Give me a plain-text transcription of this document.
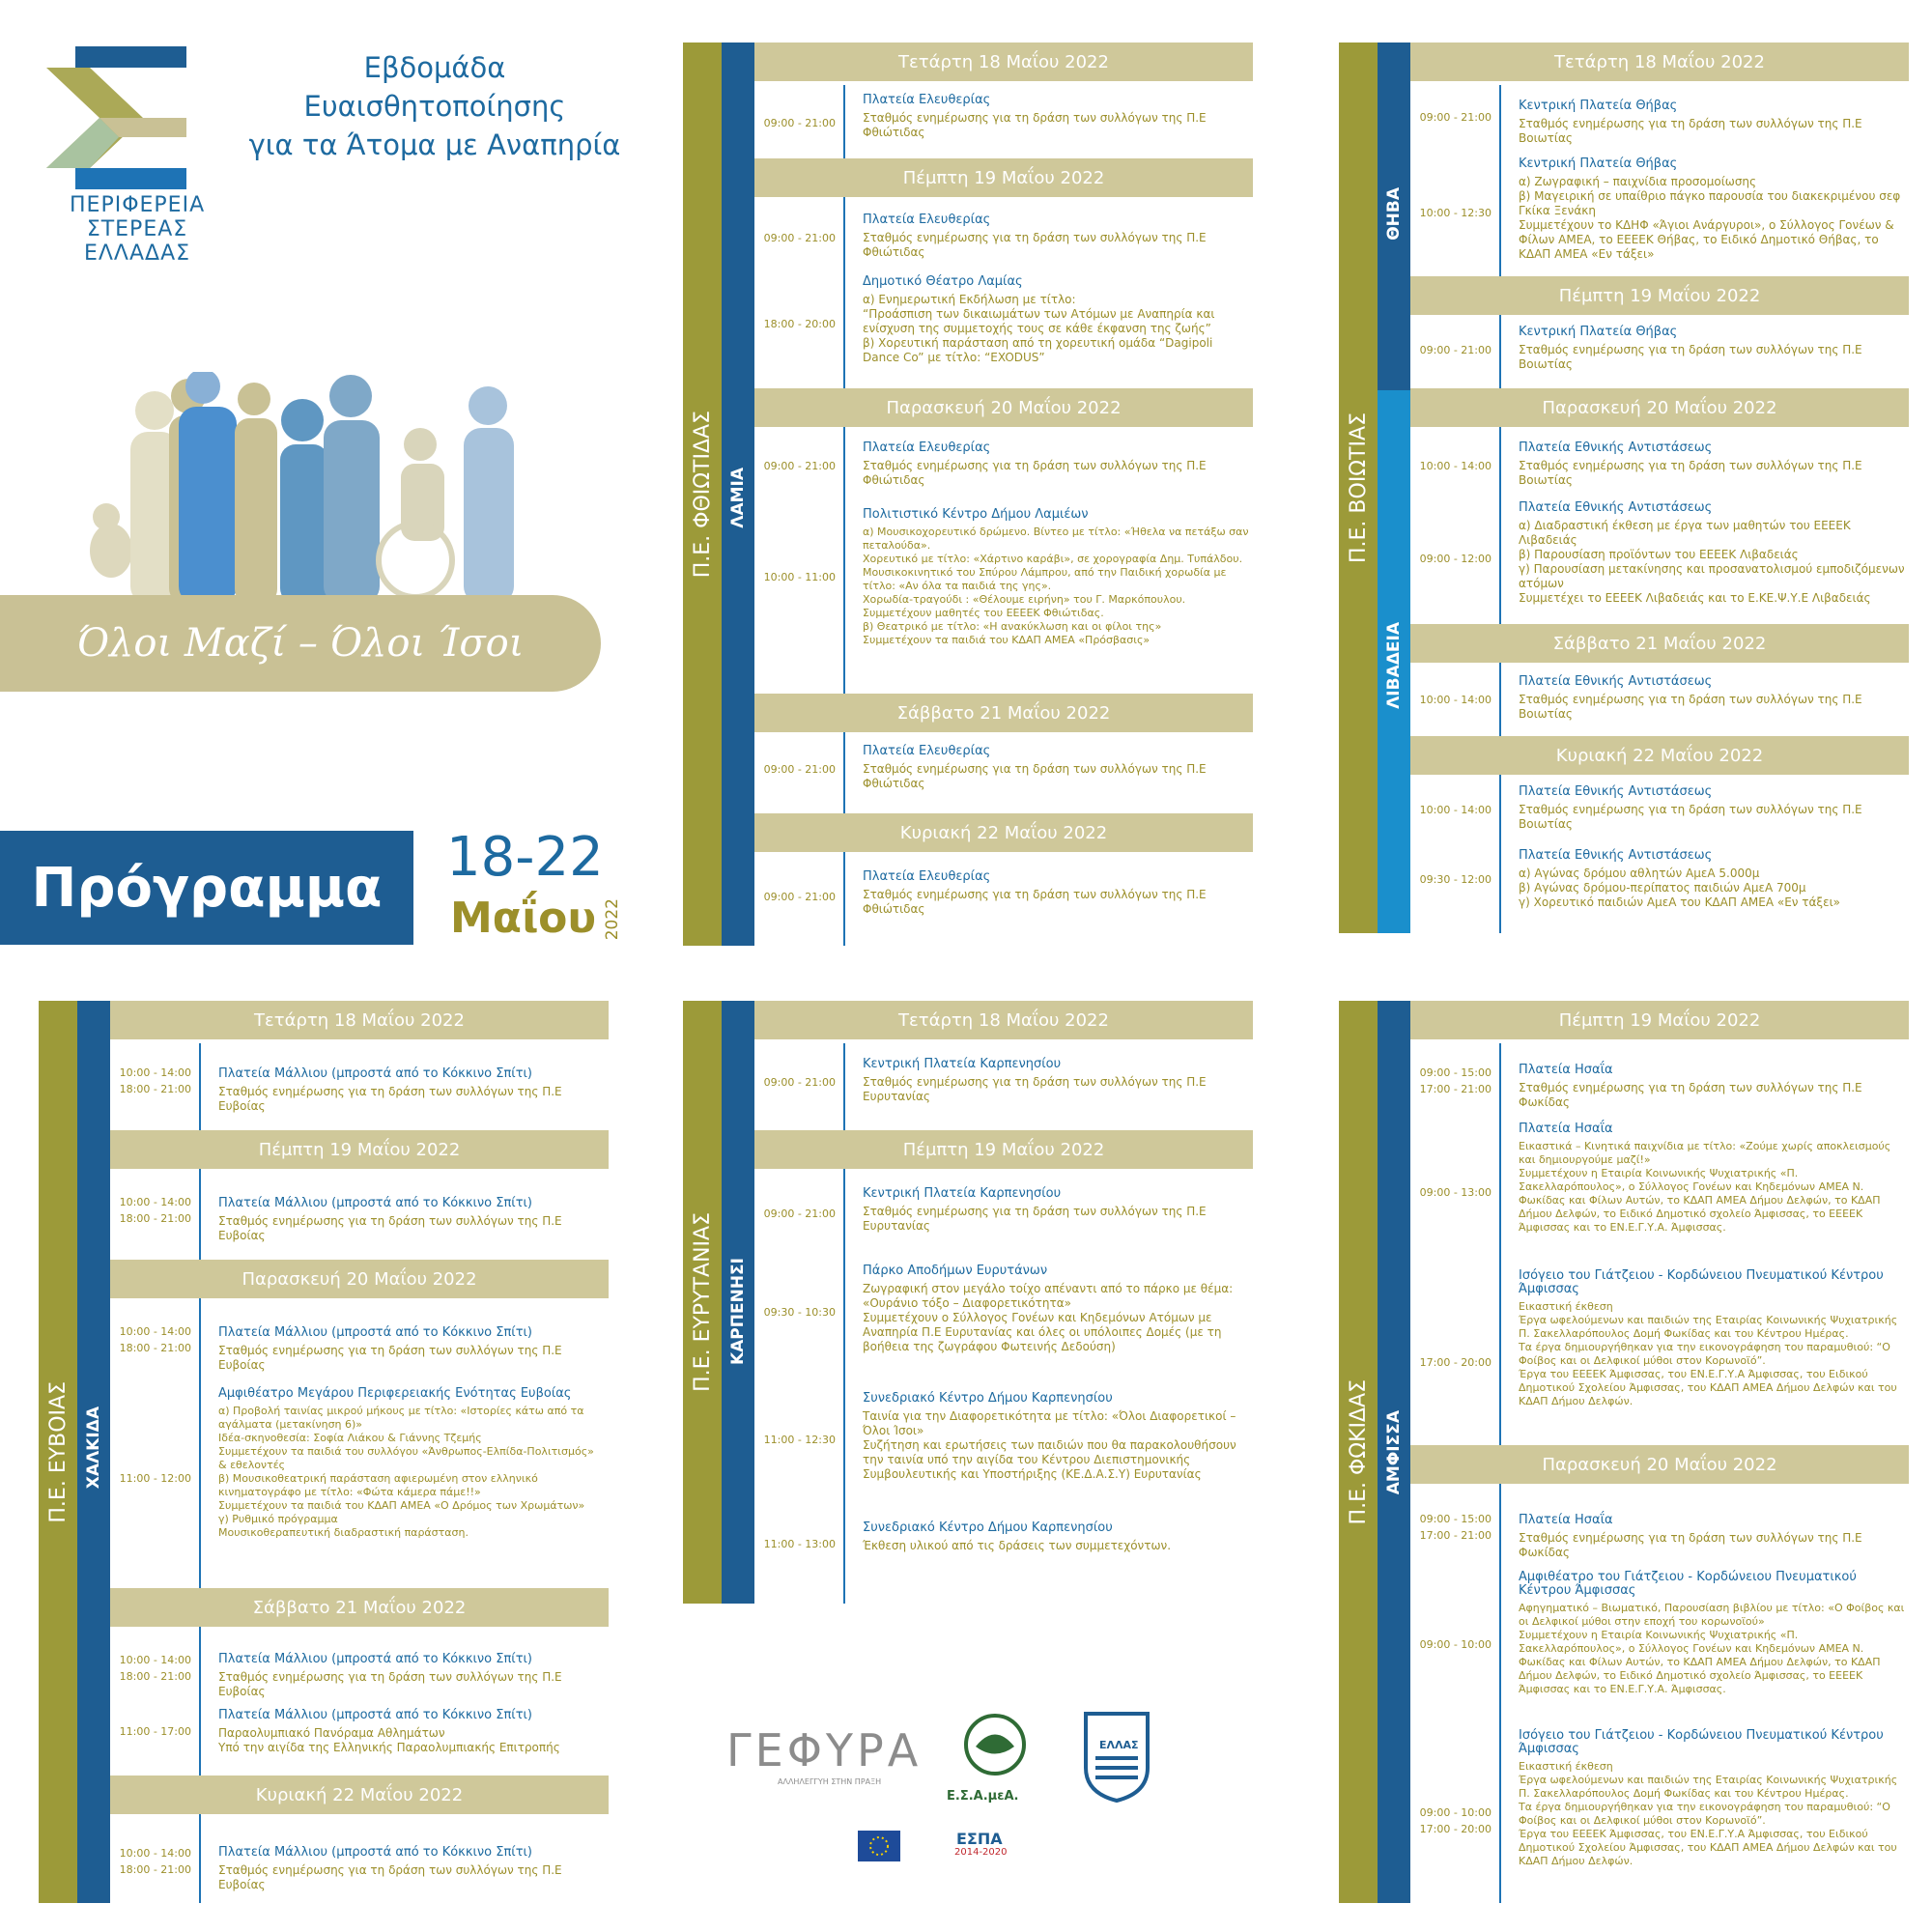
ΠΕΡΙΦΕΡΕΙΑ
ΣΤΕΡΕΑΣ
ΕΛΛΑΔΑΣ
Εβδομάδα Ευαισθητοποίησης
για τα Άτομα με Αναπηρία
Όλοι Μαζί – Όλοι Ίσοι
Πρόγραμμα 18-22
Μαΐου 2022
Π.Ε. ΦΘΙΩΤΙΔΑΣ ΛΑΜΙΑ
Τετάρτη 18 Μαΐου 2022
09:00 - 21:00
Πλατεία Ελευθερίας
Σταθμός ενημέρωσης για τη δράση των συλλόγων της Π.Ε Φθιώτιδας
Πέμπτη 19 Μαΐου 2022
09:00 - 21:00
Πλατεία Ελευθερίας
Σταθμός ενημέρωσης για τη δράση των συλλόγων της Π.Ε Φθιώτιδας
18:00 - 20:00
Δημοτικό Θέατρο Λαμίας
α) Ενημερωτική Εκδήλωση με τίτλο:
“Προάσπιση των δικαιωμάτων των Ατόμων με Αναπηρία και ενίσχυση της συμμετοχής τους σε κάθε έκφανση της ζωής”
β) Χορευτική παράσταση από τη χορευτική ομάδα “Dagipoli Dance Co” με τίτλο: “EXODUS”
Παρασκευή 20 Μαΐου 2022
09:00 - 21:00
Πλατεία Ελευθερίας
Σταθμός ενημέρωσης για τη δράση των συλλόγων της Π.Ε Φθιώτιδας
10:00 - 11:00
Πολιτιστικό Κέντρο Δήμου Λαμιέων
α) Μουσικοχορευτικό δρώμενο. Βίντεο με τίτλο: «Ήθελα να πετάξω σαν πεταλούδα».
Χορευτικό με τίτλο: «Χάρτινο καράβι», σε χορογραφία Δημ. Τυπάλδου.
Μουσικοκινητικό του Σπύρου Λάμπρου, από την Παιδική χορωδία με τίτλο: «Αν όλα τα παιδιά της γης».
Χορωδία-τραγούδι : «Θέλουμε ειρήνη» του Γ. Μαρκόπουλου.
Συμμετέχουν μαθητές του ΕΕΕΕΚ Φθιώτιδας.
β) Θεατρικό με τίτλο: «Η ανακύκλωση και οι φίλοι της»
Συμμετέχουν τα παιδιά του ΚΔΑΠ ΑΜΕΑ «Πρόσβασις»
Σάββατο 21 Μαΐου 2022
09:00 - 21:00
Πλατεία Ελευθερίας
Σταθμός ενημέρωσης για τη δράση των συλλόγων της Π.Ε Φθιώτιδας
Κυριακή 22 Μαΐου 2022
09:00 - 21:00
Πλατεία Ελευθερίας
Σταθμός ενημέρωσης για τη δράση των συλλόγων της Π.Ε Φθιώτιδας
Π.Ε. ΒΟΙΩΤΙΑΣ
ΘΗΒΑ
ΛΙΒΑΔΕΙΑ
Τετάρτη 18 Μαΐου 2022
09:00 - 21:00
Κεντρική Πλατεία Θήβας
Σταθμός ενημέρωσης για τη δράση των συλλόγων της Π.Ε Βοιωτίας
10:00 - 12:30
Κεντρική Πλατεία Θήβας
α) Ζωγραφική – παιχνίδια προσομοίωσης
β) Μαγειρική σε υπαίθριο πάγκο παρουσία του διακεκριμένου σεφ Γκίκα Ξενάκη
Συμμετέχουν το ΚΔΗΦ «Άγιοι Ανάργυροι», ο Σύλλογος Γονέων & Φίλων ΑΜΕΑ, το ΕΕΕΕΚ Θήβας, το Ειδικό Δημοτικό Θήβας, το ΚΔΑΠ ΑΜΕΑ «Εν τάξει»
Πέμπτη 19 Μαΐου 2022
09:00 - 21:00
Κεντρική Πλατεία Θήβας
Σταθμός ενημέρωσης για τη δράση των συλλόγων της Π.Ε Βοιωτίας
Παρασκευή 20 Μαΐου 2022
10:00 - 14:00
Πλατεία Εθνικής Αντιστάσεως
Σταθμός ενημέρωσης για τη δράση των συλλόγων της Π.Ε Βοιωτίας
09:00 - 12:00
Πλατεία Εθνικής Αντιστάσεως
α) Διαδραστική έκθεση με έργα των μαθητών του ΕΕΕΕΚ Λιβαδειάς
β) Παρουσίαση προϊόντων του ΕΕΕΕΚ Λιβαδειάς
γ) Παρουσίαση μετακίνησης και προσανατολισμού εμποδιζόμενων ατόμων
Συμμετέχει το ΕΕΕΕΚ Λιβαδειάς και το Ε.ΚΕ.Ψ.Υ.Ε Λιβαδειάς
Σάββατο 21 Μαΐου 2022
10:00 - 14:00
Πλατεία Εθνικής Αντιστάσεως
Σταθμός ενημέρωσης για τη δράση των συλλόγων της Π.Ε Βοιωτίας
Κυριακή 22 Μαΐου 2022
10:00 - 14:00
Πλατεία Εθνικής Αντιστάσεως
Σταθμός ενημέρωσης για τη δράση των συλλόγων της Π.Ε Βοιωτίας
09:30 - 12:00
Πλατεία Εθνικής Αντιστάσεως
α) Αγώνας δρόμου αθλητών ΑμεΑ 5.000μ
β) Αγώνας δρόμου-περίπατος παιδιών ΑμεΑ 700μ
γ) Χορευτικό παιδιών ΑμεΑ του ΚΔΑΠ ΑΜΕΑ «Εν τάξει»
Π.Ε. ΕΥΒΟΙΑΣ ΧΑΛΚΙΔΑ
Τετάρτη 18 Μαΐου 2022
10:00 - 14:00
18:00 - 21:00
Πλατεία Μάλλιου (μπροστά από το Κόκκινο Σπίτι)
Σταθμός ενημέρωσης για τη δράση των συλλόγων της Π.Ε Ευβοίας
Πέμπτη 19 Μαΐου 2022
10:00 - 14:00
18:00 - 21:00
Πλατεία Μάλλιου (μπροστά από το Κόκκινο Σπίτι)
Σταθμός ενημέρωσης για τη δράση των συλλόγων της Π.Ε Ευβοίας
Παρασκευή 20 Μαΐου 2022
10:00 - 14:00
18:00 - 21:00
Πλατεία Μάλλιου (μπροστά από το Κόκκινο Σπίτι)
Σταθμός ενημέρωσης για τη δράση των συλλόγων της Π.Ε Ευβοίας
11:00 - 12:00
Αμφιθέατρο Μεγάρου Περιφερειακής Ενότητας Ευβοίας
α) Προβολή ταινίας μικρού μήκους με τίτλο: «Ιστορίες κάτω από τα αγάλματα (μετακίνηση 6)»
Ιδέα-σκηνοθεσία: Σοφία Λιάκου & Γιάννης Τζεμής
Συμμετέχουν τα παιδιά του συλλόγου «Άνθρωπος-Ελπίδα-Πολιτισμός» & εθελοντές
β) Μουσικοθεατρική παράσταση αφιερωμένη στον ελληνικό κινηματογράφο με τίτλο: «Φώτα κάμερα πάμε!!»
Συμμετέχουν τα παιδιά του ΚΔΑΠ ΑΜΕΑ «Ο Δρόμος των Χρωμάτων»
γ) Ρυθμικό πρόγραμμα
Μουσικοθεραπευτική διαδραστική παράσταση.
Σάββατο 21 Μαΐου 2022
10:00 - 14:00
18:00 - 21:00
Πλατεία Μάλλιου (μπροστά από το Κόκκινο Σπίτι)
Σταθμός ενημέρωσης για τη δράση των συλλόγων της Π.Ε Ευβοίας
11:00 - 17:00
Πλατεία Μάλλιου (μπροστά από το Κόκκινο Σπίτι)
Παραολυμπιακό Πανόραμα Αθλημάτων
Υπό την αιγίδα της Ελληνικής Παραολυμπιακής Επιτροπής
Κυριακή 22 Μαΐου 2022
10:00 - 14:00
18:00 - 21:00
Πλατεία Μάλλιου (μπροστά από το Κόκκινο Σπίτι)
Σταθμός ενημέρωσης για τη δράση των συλλόγων της Π.Ε Ευβοίας
Π.Ε. ΕΥΡΥΤΑΝΙΑΣ ΚΑΡΠΕΝΗΣΙ
Τετάρτη 18 Μαΐου 2022
09:00 - 21:00
Κεντρική Πλατεία Καρπενησίου
Σταθμός ενημέρωσης για τη δράση των συλλόγων της Π.Ε Ευρυτανίας
Πέμπτη 19 Μαΐου 2022
09:00 - 21:00
Κεντρική Πλατεία Καρπενησίου
Σταθμός ενημέρωσης για τη δράση των συλλόγων της Π.Ε Ευρυτανίας
09:30 - 10:30
Πάρκο Αποδήμων Ευρυτάνων
Ζωγραφική στον μεγάλο τοίχο απέναντι από το πάρκο με θέμα: «Ουράνιο τόξο – Διαφορετικότητα»
Συμμετέχουν ο Σύλλογος Γονέων και Κηδεμόνων Ατόμων με Αναπηρία Π.Ε Ευρυτανίας και όλες οι υπόλοιπες Δομές (με τη βοήθεια της ζωγράφου Φωτεινής Δεδούση)
11:00 - 12:30
Συνεδριακό Κέντρο Δήμου Καρπενησίου
Ταινία για την Διαφορετικότητα με τίτλο: «Όλοι Διαφορετικοί – Όλοι Ίσοι»
Συζήτηση και ερωτήσεις των παιδιών που θα παρακολουθήσουν την ταινία υπό την αιγίδα του Κέντρου Διεπιστημονικής Συμβουλευτικής και Υποστήριξης (ΚΕ.Δ.Α.Σ.Υ) Ευρυτανίας
11:00 - 13:00
Συνεδριακό Κέντρο Δήμου Καρπενησίου
Έκθεση υλικού από τις δράσεις των συμμετεχόντων.
Π.Ε. ΦΩΚΙΔΑΣ ΑΜΦΙΣΣΑ
Πέμπτη 19 Μαΐου 2022
09:00 - 15:00
17:00 - 21:00
Πλατεία Ησαΐα
Σταθμός ενημέρωσης για τη δράση των συλλόγων της Π.Ε Φωκίδας
09:00 - 13:00
Πλατεία Ησαΐα
Εικαστικά – Κινητικά παιχνίδια με τίτλο: «Ζούμε χωρίς αποκλεισμούς και δημιουργούμε μαζί!»
Συμμετέχουν η Εταιρία Κοινωνικής Ψυχιατρικής «Π. Σακελλαρόπουλος», ο Σύλλογος Γονέων και Κηδεμόνων ΑΜΕΑ Ν. Φωκίδας και Φίλων Αυτών, το ΚΔΑΠ ΑΜΕΑ Δήμου Δελφών, το ΚΔΑΠ Δήμου Δελφών, το Ειδικό Δημοτικό σχολείο Άμφισσας, το ΕΕΕΕΚ Άμφισσας και το ΕΝ.Ε.Γ.Υ.Α. Άμφισσας.
17:00 - 20:00
Ισόγειο του Γιάτζειου - Κορδώνειου Πνευματικού Κέντρου Άμφισσας
Εικαστική έκθεση
Έργα ωφελούμενων και παιδιών της Εταιρίας Κοινωνικής Ψυχιατρικής Π. Σακελλαρόπουλος Δομή Φωκίδας και του Κέντρου Ημέρας.
Τα έργα δημιουργήθηκαν για την εικονογράφηση του παραμυθιού: “Ο Φοίβος και οι Δελφικοί μύθοι στον Κορωνοϊό”.
Έργα του ΕΕΕΕΚ Άμφισσας, του ΕΝ.Ε.Γ.Υ.Α Άμφισσας, του Ειδικού Δημοτικού Σχολείου Άμφισσας, του ΚΔΑΠ ΑΜΕΑ Δήμου Δελφών και του ΚΔΑΠ Δήμου Δελφών.
Παρασκευή 20 Μαΐου 2022
09:00 - 15:00
17:00 - 21:00
Πλατεία Ησαΐα
Σταθμός ενημέρωσης για τη δράση των συλλόγων της Π.Ε Φωκίδας
09:00 - 10:00
Αμφιθέατρο του Γιάτζειου - Κορδώνειου Πνευματικού Κέντρου Άμφισσας
Αφηγηματικό – Βιωματικό, Παρουσίαση βιβλίου με τίτλο: «Ο Φοίβος και οι Δελφικοί μύθοι στην εποχή του κορωνοϊού»
Συμμετέχουν η Εταιρία Κοινωνικής Ψυχιατρικής «Π. Σακελλαρόπουλος», ο Σύλλογος Γονέων και Κηδεμόνων ΑΜΕΑ Ν. Φωκίδας και Φίλων Αυτών, το ΚΔΑΠ ΑΜΕΑ Δήμου Δελφών, το ΚΔΑΠ Δήμου Δελφών, το Ειδικό Δημοτικό σχολείο Άμφισσας, το ΕΕΕΕΚ Άμφισσας και το ΕΝ.Ε.Γ.Υ.Α. Άμφισσας.
09:00 - 10:00
17:00 - 20:00
Ισόγειο του Γιάτζειου - Κορδώνειου Πνευματικού Κέντρου Άμφισσας
Εικαστική έκθεση
Έργα ωφελούμενων και παιδιών της Εταιρίας Κοινωνικής Ψυχιατρικής Π. Σακελλαρόπουλος Δομή Φωκίδας και του Κέντρου Ημέρας.
Τα έργα δημιουργήθηκαν για την εικονογράφηση του παραμυθιού: “Ο Φοίβος και οι Δελφικοί μύθοι στον Κορωνοϊό”.
Έργα του ΕΕΕΕΚ Άμφισσας, του ΕΝ.Ε.Γ.Υ.Α Άμφισσας, του Ειδικού Δημοτικού Σχολείου Άμφισσας, του ΚΔΑΠ ΑΜΕΑ Δήμου Δελφών και του ΚΔΑΠ Δήμου Δελφών.
ΓΕΦΥΡΑ
ΑΛΛΗΛΕΓΓΥΗ ΣΤΗΝ ΠΡΑΞΗ
Ε.Σ.Α.μεΑ.
ΕΛΛΑΣ
ΕΣΠΑ
2014-2020
